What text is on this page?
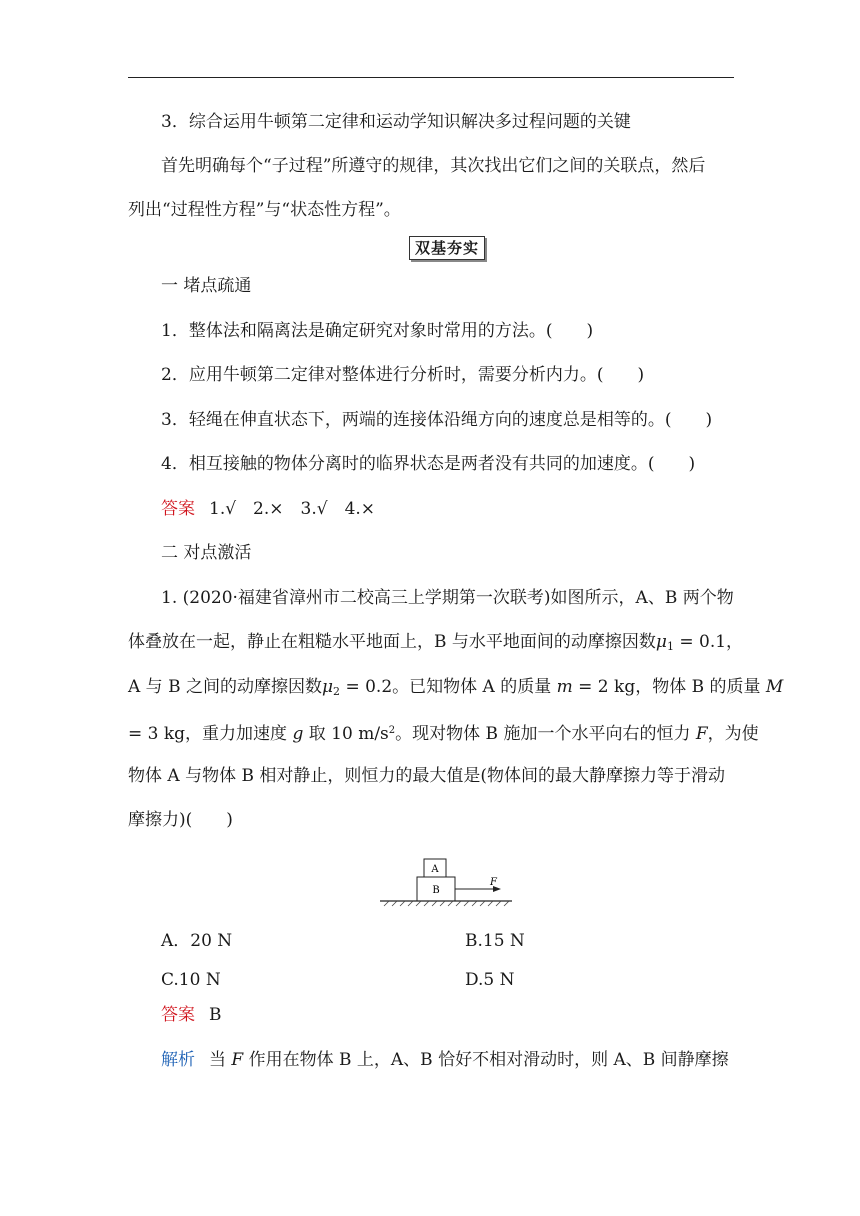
3．综合运用牛顿第二定律和运动学知识解决多过程问题的关键
首先明确每个“子过程”所遵守的规律，其次找出它们之间的关联点，然后
列出“过程性方程”与“状态性方程”。
双基夯实
一 堵点疏通
1．整体法和隔离法是确定研究对象时常用的方法。(　　)
2．应用牛顿第二定律对整体进行分析时，需要分析内力。(　　)
3．轻绳在伸直状态下，两端的连接体沿绳方向的速度总是相等的。(　　)
4．相互接触的物体分离时的临界状态是两者没有共同的加速度。(　　)
答案 1.√　2.×　3.√　4.×
二 对点激活
1. (2020·福建省漳州市二校高三上学期第一次联考)如图所示，A、B 两个物
体叠放在一起，静止在粗糙水平地面上，B 与水平地面间的动摩擦因数$\mu_1 = 0.1$，
A 与 B 之间的动摩擦因数$\mu_2 = 0.2$。已知物体 A 的质量 m = 2 kg，物体 B 的质量 M
= 3 kg，重力加速度 g 取 10 $m/s^2$。现对物体 B 施加一个水平向右的恒力 F，为使
物体 A 与物体 B 相对静止，则恒力的最大值是(物体间的最大静摩擦力等于滑动
摩擦力)(　　)
A
B
F
A．20 N	B.15 N
C.10 N	D.5 N
答案 B
解析 当 F 作用在物体 B 上，A、B 恰好不相对滑动时，则 A、B 间静摩擦
